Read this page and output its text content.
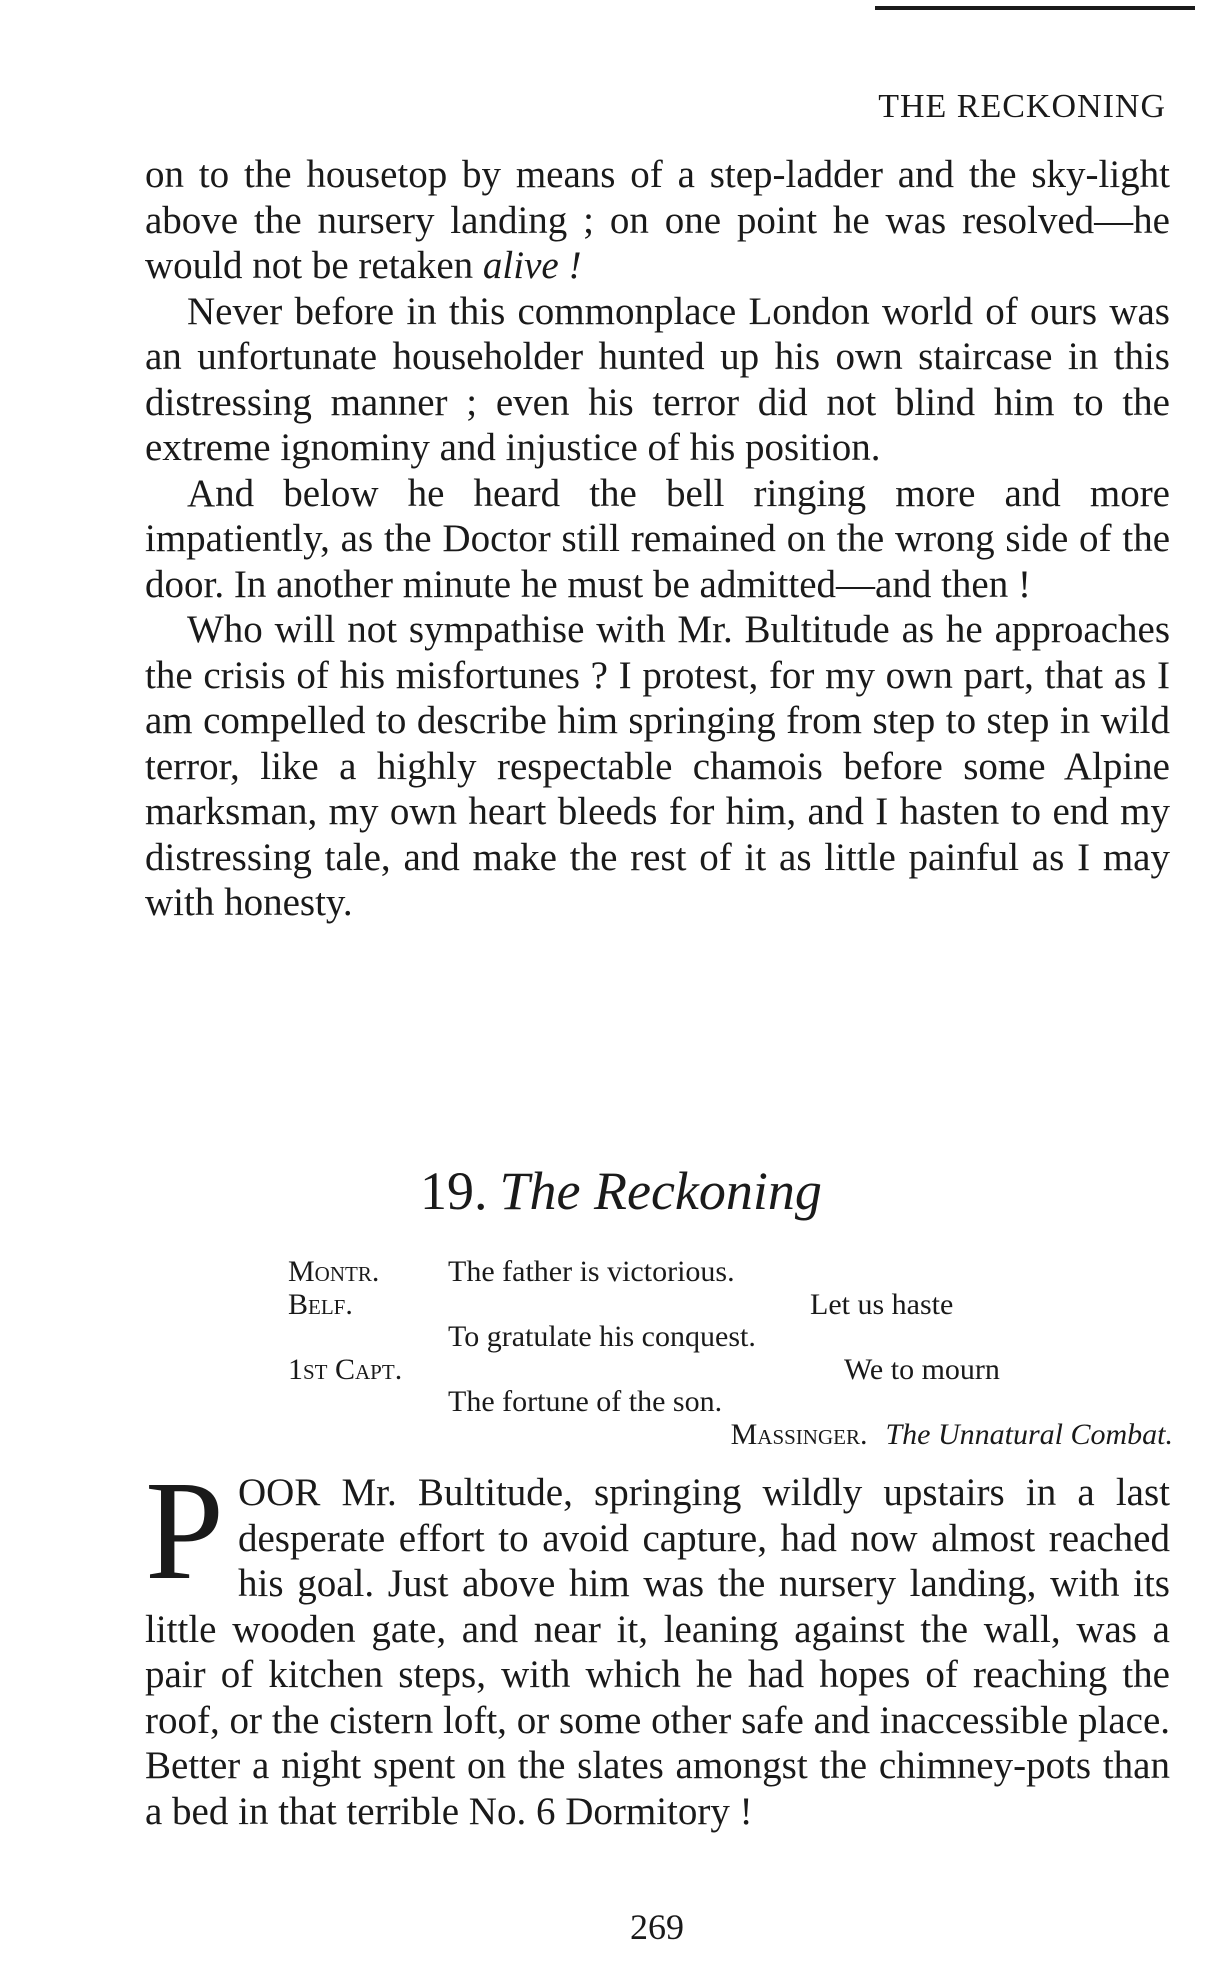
THE RECKONING

on to the housetop by means of a step-ladder and the sky-light above the nursery landing ; on one point he was resolved—he would not be retaken alive !

Never before in this commonplace London world of ours was an unfortunate householder hunted up his own staircase in this distressing manner ; even his terror did not blind him to the extreme ignominy and injustice of his position.

And below he heard the bell ringing more and more impatiently, as the Doctor still remained on the wrong side of the door. In another minute he must be admitted—and then !

Who will not sympathise with Mr. Bultitude as he approaches the crisis of his misfortunes ? I protest, for my own part, that as I am compelled to describe him springing from step to step in wild terror, like a highly respectable chamois before some Alpine marksman, my own heart bleeds for him, and I hasten to end my distressing tale, and make the rest of it as little painful as I may with honesty.

19. The Reckoning
Montr. The father is victorious.
Belf.	Let us haste
To gratulate his conquest.
1st Capt.	We to mourn
The fortune of the son.
Massinger. The Unnatural Combat.

POOR Mr. Bultitude, springing wildly upstairs in a last desperate effort to avoid capture, had now almost reached his goal. Just above him was the nursery landing, with its little wooden gate, and near it, leaning against the wall, was a pair of kitchen steps, with which he had hopes of reaching the roof, or the cistern loft, or some other safe and inaccessible place. Better a night spent on the slates amongst the chimney-pots than a bed in that terrible No. 6 Dormitory !

269
